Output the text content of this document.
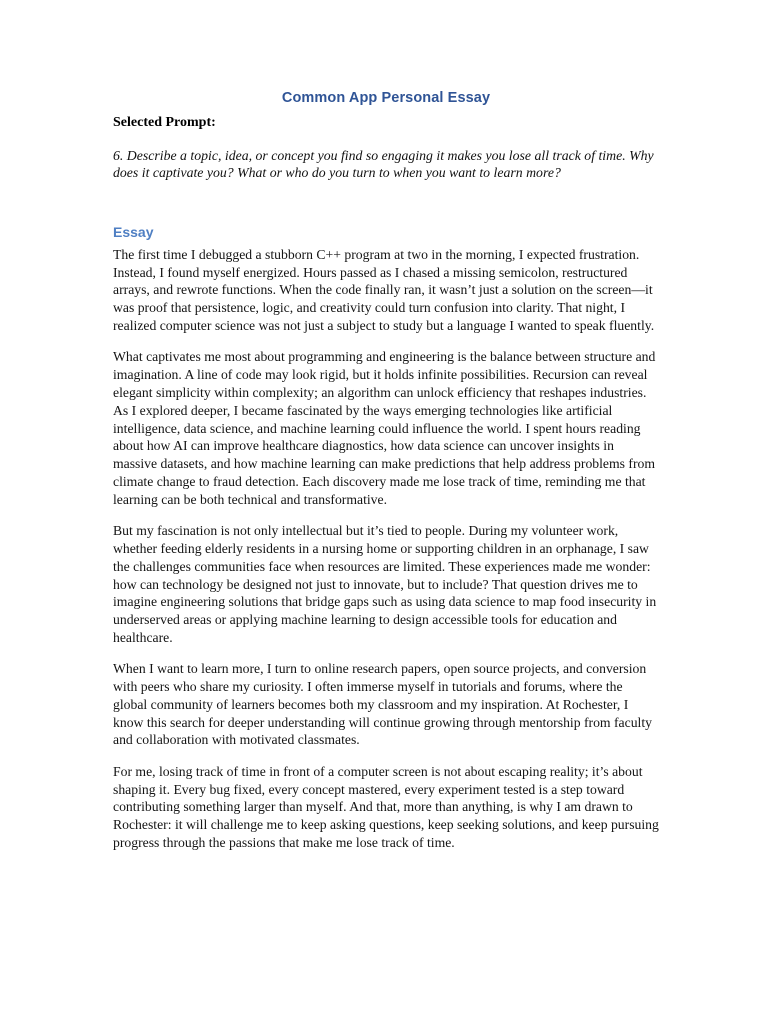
Common App Personal Essay

Selected Prompt:

6. Describe a topic, idea, or concept you find so engaging it makes you lose all track of time. Why does it captivate you? What or who do you turn to when you want to learn more?

Essay

The first time I debugged a stubborn C++ program at two in the morning, I expected frustration. Instead, I found myself energized. Hours passed as I chased a missing semicolon, restructured arrays, and rewrote functions. When the code finally ran, it wasn’t just a solution on the screen—it was proof that persistence, logic, and creativity could turn confusion into clarity. That night, I realized computer science was not just a subject to study but a language I wanted to speak fluently.

What captivates me most about programming and engineering is the balance between structure and imagination. A line of code may look rigid, but it holds infinite possibilities. Recursion can reveal elegant simplicity within complexity; an algorithm can unlock efficiency that reshapes industries. As I explored deeper, I became fascinated by the ways emerging technologies like artificial intelligence, data science, and machine learning could influence the world. I spent hours reading about how AI can improve healthcare diagnostics, how data science can uncover insights in massive datasets, and how machine learning can make predictions that help address problems from climate change to fraud detection. Each discovery made me lose track of time, reminding me that learning can be both technical and transformative.

But my fascination is not only intellectual but it’s tied to people. During my volunteer work, whether feeding elderly residents in a nursing home or supporting children in an orphanage, I saw the challenges communities face when resources are limited. These experiences made me wonder: how can technology be designed not just to innovate, but to include? That question drives me to imagine engineering solutions that bridge gaps such as using data science to map food insecurity in underserved areas or applying machine learning to design accessible tools for education and healthcare.

When I want to learn more, I turn to online research papers, open source projects, and conversion with peers who share my curiosity. I often immerse myself in tutorials and forums, where the global community of learners becomes both my classroom and my inspiration. At Rochester, I know this search for deeper understanding will continue growing through mentorship from faculty and collaboration with motivated classmates.

For me, losing track of time in front of a computer screen is not about escaping reality; it’s about shaping it. Every bug fixed, every concept mastered, every experiment tested is a step toward contributing something larger than myself. And that, more than anything, is why I am drawn to Rochester: it will challenge me to keep asking questions, keep seeking solutions, and keep pursuing progress through the passions that make me lose track of time.
